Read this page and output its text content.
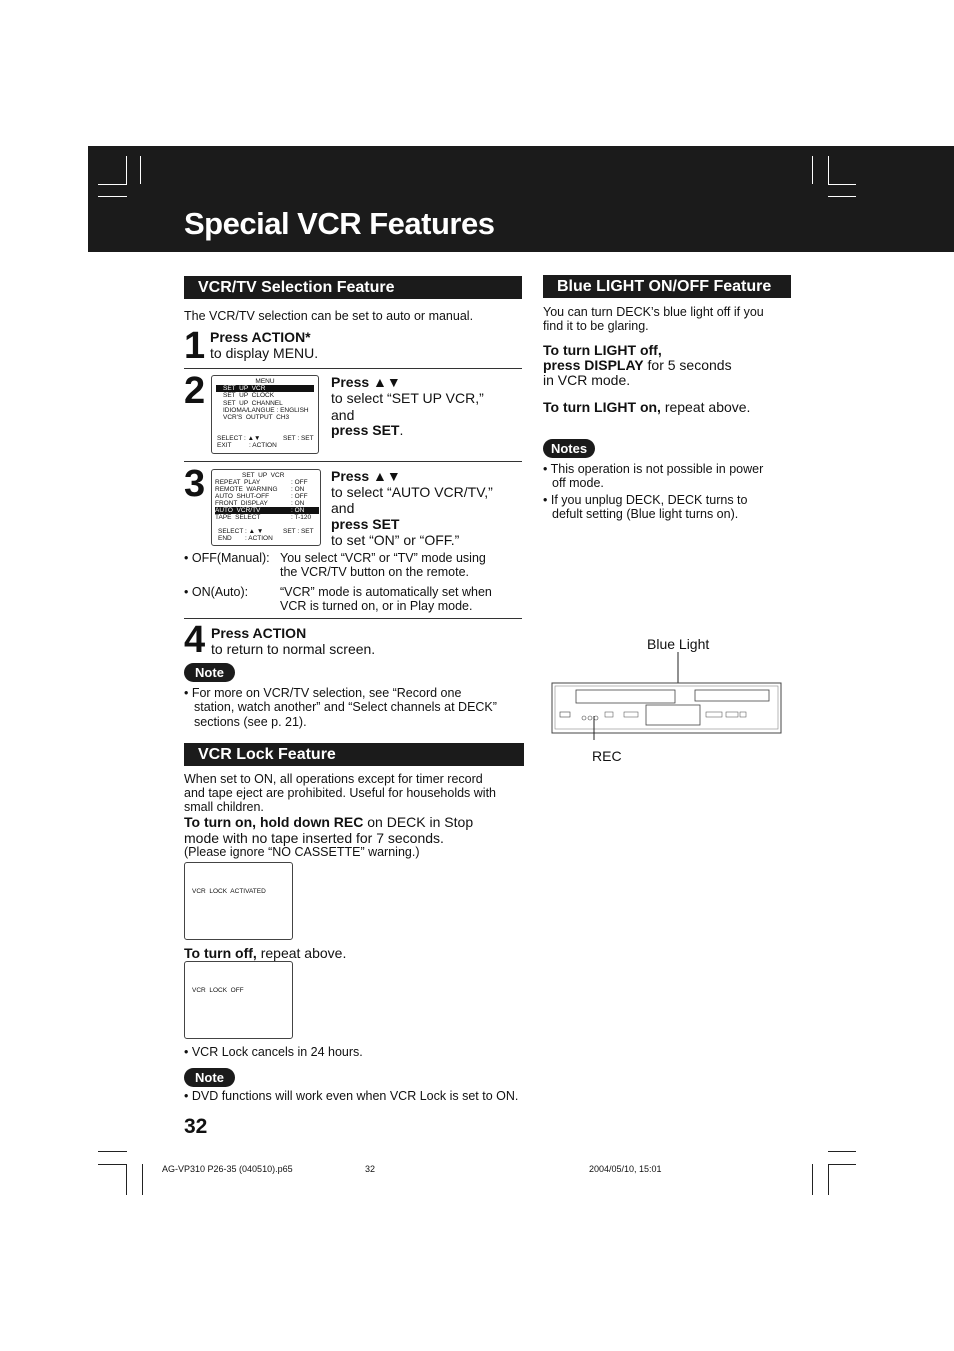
Special VCR Features
VCR/TV Selection Feature
The VCR/TV selection can be set to auto or manual.
1 Press ACTION*
to display MENU.
2	MENU
SET  UP  VCR
SET  UP  CLOCK
SET  UP  CHANNEL
IDIOMA/LANGUE : ENGLISH
VCR'S  OUTPUT  CH3
SELECT : ▲▼	SET : SET
EXIT	: ACTION
Press ▲▼
to select “SET UP VCR,”
and
press SET.
3	SET  UP  VCR
REPEAT  PLAY	: OFF
REMOTE  WARNING : ON
AUTO  SHUT-OFF	: OFF
FRONT  DISPLAY	: ON
AUTO  VCR/TV	: ON
TAPE  SELECT	: T-120
SELECT : ▲ ▼	SET : SET
END : ACTION
Press ▲▼
to select “AUTO VCR/TV,”
and
press SET
to set “ON” or “OFF.”
• OFF(Manual): You select “VCR” or “TV” mode using
the VCR/TV button on the remote.
• ON(Auto):	“VCR” mode is automatically set when
VCR is turned on, or in Play mode.
4 Press ACTION
to return to normal screen.
Note
• For more on VCR/TV selection, see “Record one
station, watch another” and “Select channels at DECK”
sections (see p. 21).
VCR Lock Feature
When set to ON, all operations except for timer record
and tape eject are prohibited. Useful for households with
small children.
To turn on, hold down REC on DECK in Stop
mode with no tape inserted for 7 seconds.
(Please ignore “NO CASSETTE” warning.)
VCR  LOCK  ACTIVATED
To turn off, repeat above.
VCR  LOCK  OFF
• VCR Lock cancels in 24 hours.
Note
• DVD functions will work even when VCR Lock is set to ON.
Blue LIGHT ON/OFF Feature
You can turn DECK’s blue light off if you
find it to be glaring.
To turn LIGHT off,
press DISPLAY for 5 seconds
in VCR mode.
To turn LIGHT on, repeat above.
Notes
• This operation is not possible in power
off mode.
• If you unplug DECK, DECK turns to
defult setting (Blue light turns on).
Blue Light
REC
32
AG-VP310 P26-35 (040510).p65	32	2004/05/10, 15:01
